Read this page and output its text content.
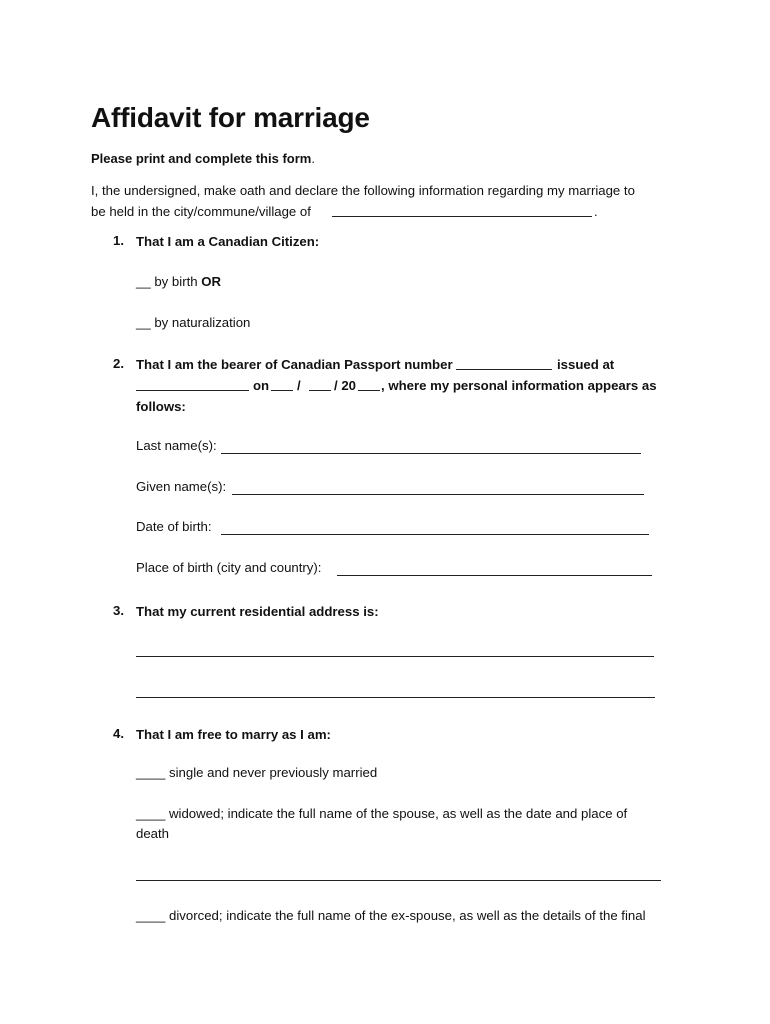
Affidavit for marriage
Please print and complete this form.
I, the undersigned, make oath and declare the following information regarding my marriage to
be held in the city/commune/village of	.
1. That I am a Canadian Citizen:
__ by birth OR
__ by naturalization
2. That I am the bearer of Canadian Passport number	issued at
on /	/ 20 , where my personal information appears as
follows:
Last name(s):
Given name(s):
Date of birth:
Place of birth (city and country):
3. That my current residential address is:
4. That I am free to marry as I am:
____ single and never previously married
____ widowed; indicate the full name of the spouse, as well as the date and place of
death
____ divorced; indicate the full name of the ex-spouse, as well as the details of the final
